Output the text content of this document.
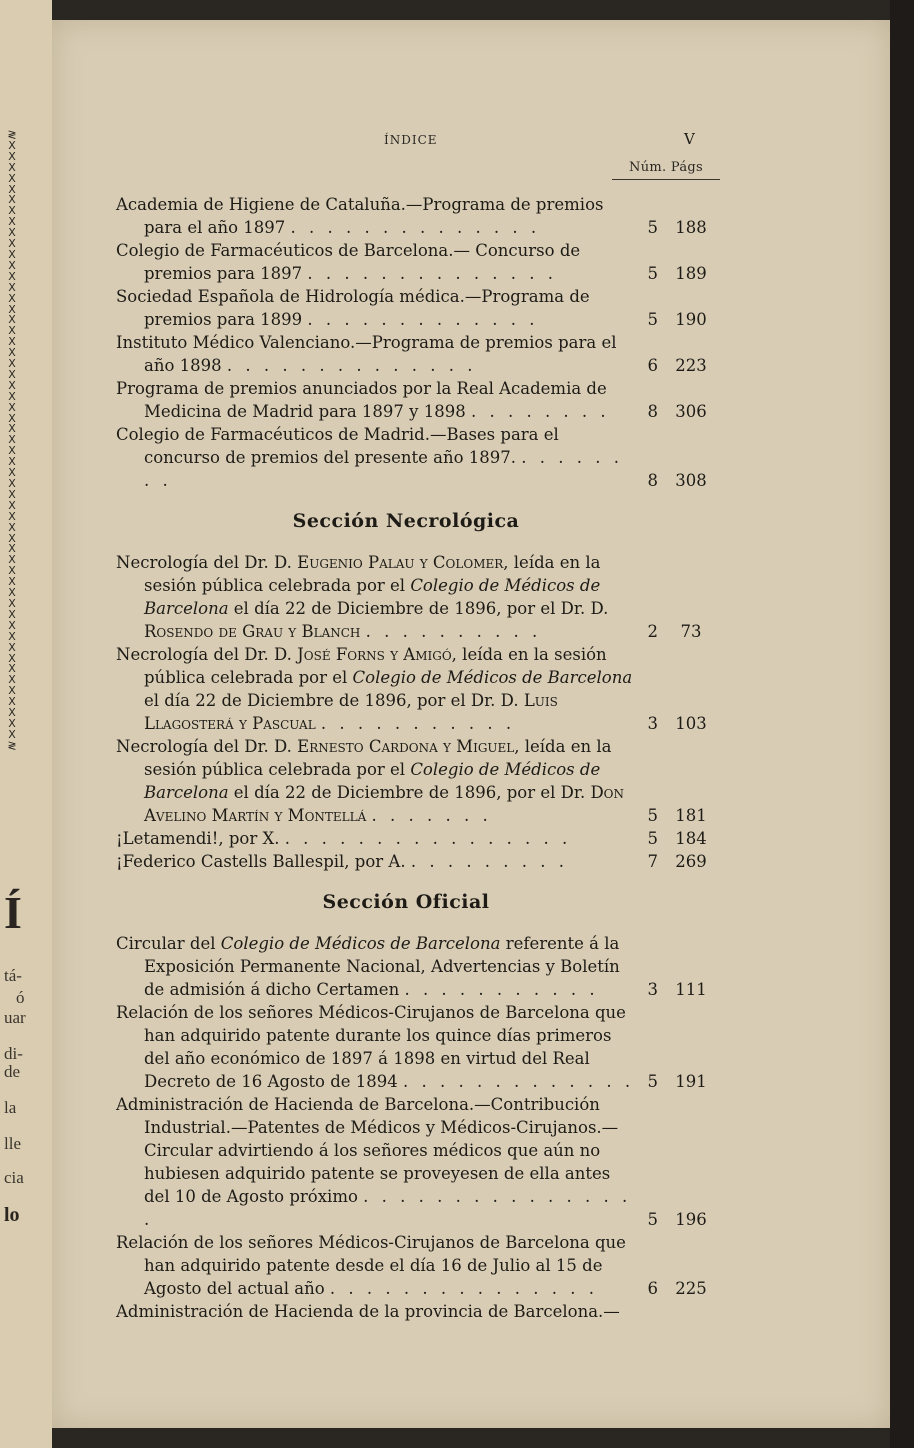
≷
X
X
X
X
X
X
X
X
X
X
X
X
X
X
X
X
X
X
X
X
X
X
X
X
X
X
X
X
X
X
X
X
X
X
X
X
X
X
X
X
X
X
X
X
X
X
X
X
X
X
X
X
X
X
X
≷
Í
tá-
ó
uar
di-
de
la
lle
cia
lo
ÍNDICE	V
Núm. Págs
Academia de Higiene de Cataluña.—Programa de premios para el año 1897 . . . . . . . . . . . . . .	5	188
Colegio de Farmacéuticos de Barcelona.— Concurso de premios para 1897 . . . . . . . . . . . . . .	5	189
Sociedad Española de Hidrología médica.—Programa de premios para 1899 . . . . . . . . . . . . .	5	190
Instituto Médico Valenciano.—Programa de premios para el año 1898 . . . . . . . . . . . . . .	6	223
Programa de premios anunciados por la Real Academia de Medicina de Madrid para 1897 y 1898 . . . . . . . .	8	306
Colegio de Farmacéuticos de Madrid.—Bases para el concurso de premios del presente año 1897. . . . . . . . .	8	308
Sección Necrológica
Necrología del Dr. D. Eugenio Palau y Colomer, leída en la sesión pública celebrada por el Colegio de Médicos de Barcelona el día 22 de Diciembre de 1896, por el Dr. D. Rosendo de Grau y Blanch . . . . . . . . . .	2	73
Necrología del Dr. D. José Forns y Amigó, leída en la sesión pública celebrada por el Colegio de Médicos de Barcelona el día 22 de Diciembre de 1896, por el Dr. D. Luis Llagosterá y Pascual . . . . . . . . . . .	3	103
Necrología del Dr. D. Ernesto Cardona y Miguel, leída en la sesión pública celebrada por el Colegio de Médicos de Barcelona el día 22 de Diciembre de 1896, por el Dr. Don Avelino Martín y Montellá . . . . . . .	5	181
¡Letamendi!, por X. . . . . . . . . . . . . . . . .	5	184
¡Federico Castells Ballespil, por A. . . . . . . . . .	7	269
Sección Oficial
Circular del Colegio de Médicos de Barcelona referente á la Exposición Permanente Nacional, Advertencias y Boletín de admisión á dicho Certamen . . . . . . . . . . .	3	111
Relación de los señores Médicos-Cirujanos de Barcelona que han adquirido patente durante los quince días primeros del año económico de 1897 á 1898 en virtud del Real Decreto de 16 Agosto de 1894 . . . . . . . . . . . . . 5	191
Administración de Hacienda de Barcelona.—Contribución Industrial.—Patentes de Médicos y Médicos-Cirujanos.—Circular advirtiendo á los señores médicos que aún no hubiesen adquirido patente se proveyesen de ella antes del 10 de Agosto próximo . . . . . . . . . . . . . . . .	5	196
Relación de los señores Médicos-Cirujanos de Barcelona que han adquirido patente desde el día 16 de Julio al 15 de Agosto del actual año . . . . . . . . . . . . . . .	6	225
Administración de Hacienda de la provincia de Barcelona.—
